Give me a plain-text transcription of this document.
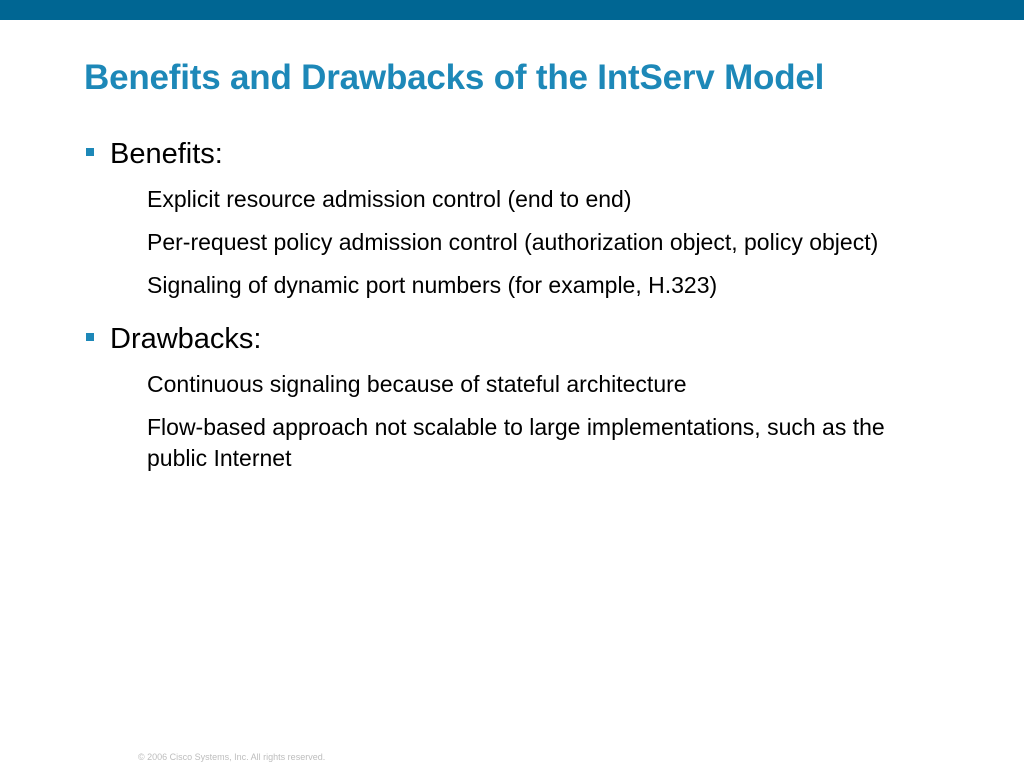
Benefits and Drawbacks of the IntServ Model
Benefits:
Explicit resource admission control (end to end)
Per-request policy admission control (authorization object, policy object)
Signaling of dynamic port numbers (for example, H.323)
Drawbacks:
Continuous signaling because of stateful architecture
Flow-based approach not scalable to large implementations, such as the public Internet
© 2006 Cisco Systems, Inc. All rights reserved.
